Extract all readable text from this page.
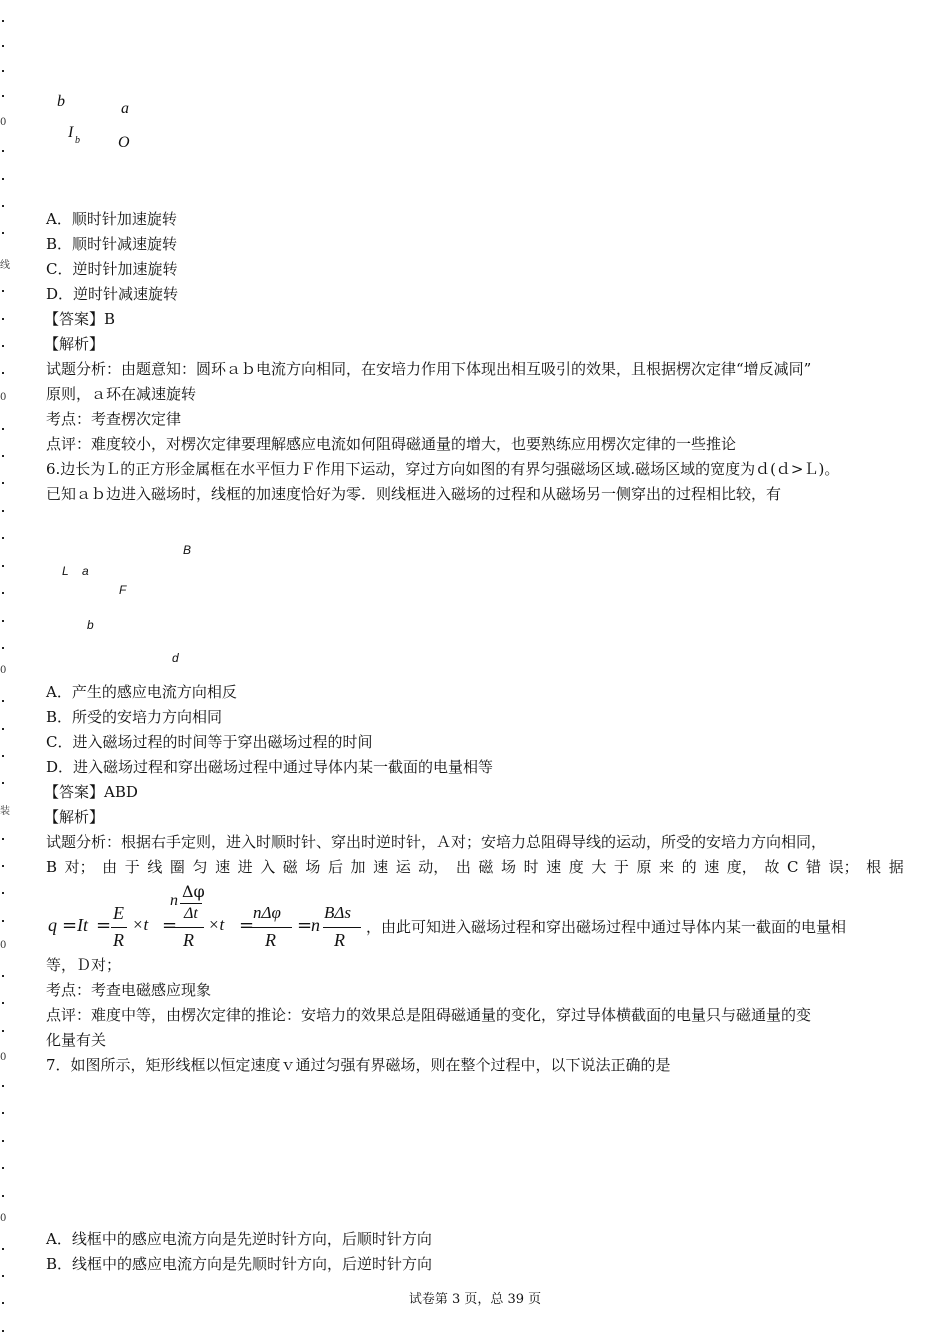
0
线
0
0
装
0
0
0
b	a
I b O
A．顺时针加速旋转
B．顺时针减速旋转
C．逆时针加速旋转
D．逆时针减速旋转
【答案】B
【解析】
试题分析：由题意知：圆环ａｂ电流方向相同，在安培力作用下体现出相互吸引的效果，且根据楞次定律“增反减同”
原则，ａ环在减速旋转
考点：考查楞次定律
点评：难度较小，对楞次定律要理解感应电流如何阻碍磁通量的增大，也要熟练应用楞次定律的一些推论
6.边长为Ｌ的正方形金属框在水平恒力Ｆ作用下运动，穿过方向如图的有界匀强磁场区域.磁场区域的宽度为ｄ(ｄ>Ｌ)。
已知ａｂ边进入磁场时，线框的加速度恰好为零．则线框进入磁场的过程和从磁场另一侧穿出的过程相比较，有
B
L a
F
b
d
A．产生的感应电流方向相反
B．所受的安培力方向相同
C．进入磁场过程的时间等于穿出磁场过程的时间
D．进入磁场过程和穿出磁场过程中通过导体内某一截面的电量相等
【答案】ABD
【解析】
试题分析：根据右手定则，进入时顺时针、穿出时逆时针，Ａ对；安培力总阻碍导线的运动，所受的安培力方向相同，
B 对； 由 于 线 圈 匀 速 进 入 磁 场 后 加 速 运 动， 出 磁 场 时 速 度 大 于 原 来 的 速 度， 故 C 错 误； 根 据
q = It =
E
R
×t =
n Δφ
Δt
R
×t =
nΔφ
R
=
n
BΔs
R
，由此可知进入磁场过程和穿出磁场过程中通过导体内某一截面的电量相
等，Ｄ对；
考点：考查电磁感应现象
点评：难度中等，由楞次定律的推论：安培力的效果总是阻碍磁通量的变化，穿过导体横截面的电量只与磁通量的变
化量有关
7．如图所示，矩形线框以恒定速度ｖ通过匀强有界磁场，则在整个过程中，以下说法正确的是
A．线框中的感应电流方向是先逆时针方向，后顺时针方向
B．线框中的感应电流方向是先顺时针方向，后逆时针方向
试卷第 3 页，总 39 页
